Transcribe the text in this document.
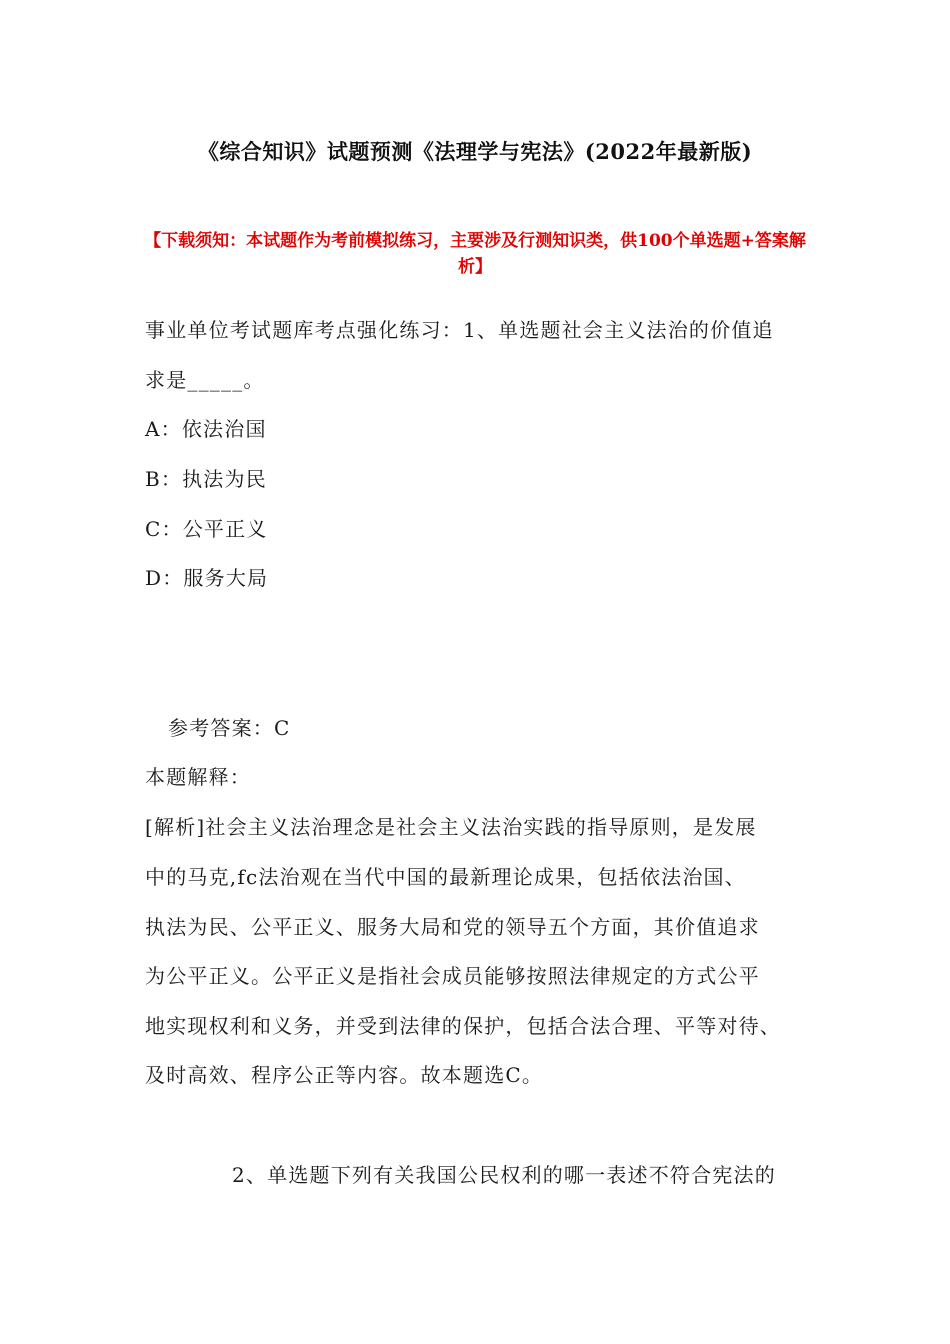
《综合知识》试题预测《法理学与宪法》(2022年最新版)
【下载须知：本试题作为考前模拟练习，主要涉及行测知识类，供100个单选题+答案解析】
事业单位考试题库考点强化练习：1、单选题社会主义法治的价值追
求是_____。
A：依法治国
B：执法为民
C：公平正义
D：服务大局
参考答案：C
本题解释：
[解析]社会主义法治理念是社会主义法治实践的指导原则，是发展
中的马克,fc法治观在当代中国的最新理论成果，包括依法治国、
执法为民、公平正义、服务大局和党的领导五个方面，其价值追求
为公平正义。公平正义是指社会成员能够按照法律规定的方式公平
地实现权利和义务，并受到法律的保护，包括合法合理、平等对待、
及时高效、程序公正等内容。故本题选C。
2、单选题下列有关我国公民权利的哪一表述不符合宪法的
